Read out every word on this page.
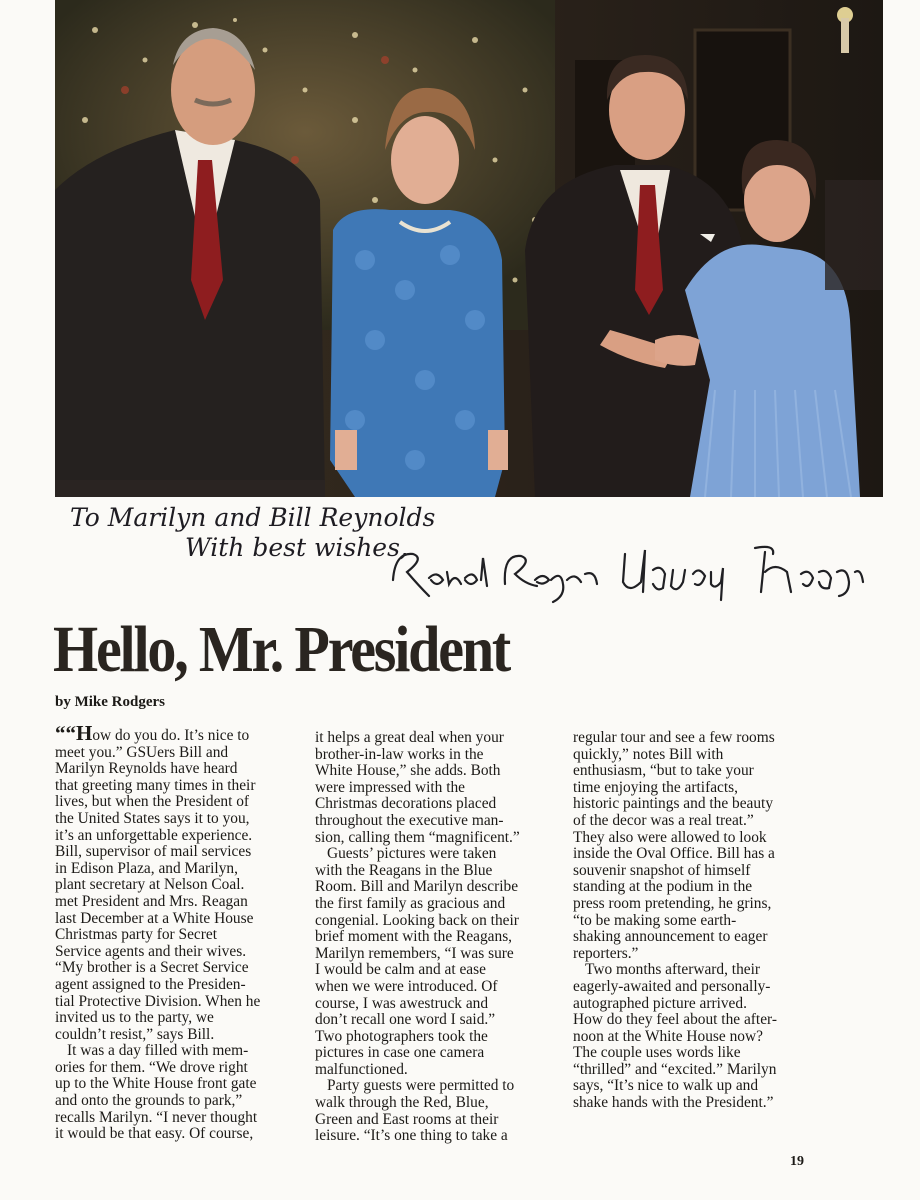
To Marilyn and Bill Reynolds
With best wishes,
Hello, Mr. President
by Mike Rodgers
““How do you do. It’s nice to
meet you.” GSUers Bill and
Marilyn Reynolds have heard
that greeting many times in their
lives, but when the President of
the United States says it to you,
it’s an unforgettable experience.
Bill, supervisor of mail services
in Edison Plaza, and Marilyn,
plant secretary at Nelson Coal.
met President and Mrs. Reagan
last December at a White House
Christmas party for Secret
Service agents and their wives.
“My brother is a Secret Service
agent assigned to the Presiden-
tial Protective Division. When he
invited us to the party, we
couldn’t resist,” says Bill.
It was a day filled with mem-
ories for them. “We drove right
up to the White House front gate
and onto the grounds to park,”
recalls Marilyn. “I never thought
it would be that easy. Of course,
it helps a great deal when your
brother-in-law works in the
White House,” she adds. Both
were impressed with the
Christmas decorations placed
throughout the executive man-
sion, calling them “magnificent.”
Guests’ pictures were taken
with the Reagans in the Blue
Room. Bill and Marilyn describe
the first family as gracious and
congenial. Looking back on their
brief moment with the Reagans,
Marilyn remembers, “I was sure
I would be calm and at ease
when we were introduced. Of
course, I was awestruck and
don’t recall one word I said.”
Two photographers took the
pictures in case one camera
malfunctioned.
Party guests were permitted to
walk through the Red, Blue,
Green and East rooms at their
leisure. “It’s one thing to take a
regular tour and see a few rooms
quickly,” notes Bill with
enthusiasm, “but to take your
time enjoying the artifacts,
historic paintings and the beauty
of the decor was a real treat.”
They also were allowed to look
inside the Oval Office. Bill has a
souvenir snapshot of himself
standing at the podium in the
press room pretending, he grins,
“to be making some earth-
shaking announcement to eager
reporters.”
Two months afterward, their
eagerly-awaited and personally-
autographed picture arrived.
How do they feel about the after-
noon at the White House now?
The couple uses words like
“thrilled” and “excited.” Marilyn
says, “It’s nice to walk up and
shake hands with the President.”
19
